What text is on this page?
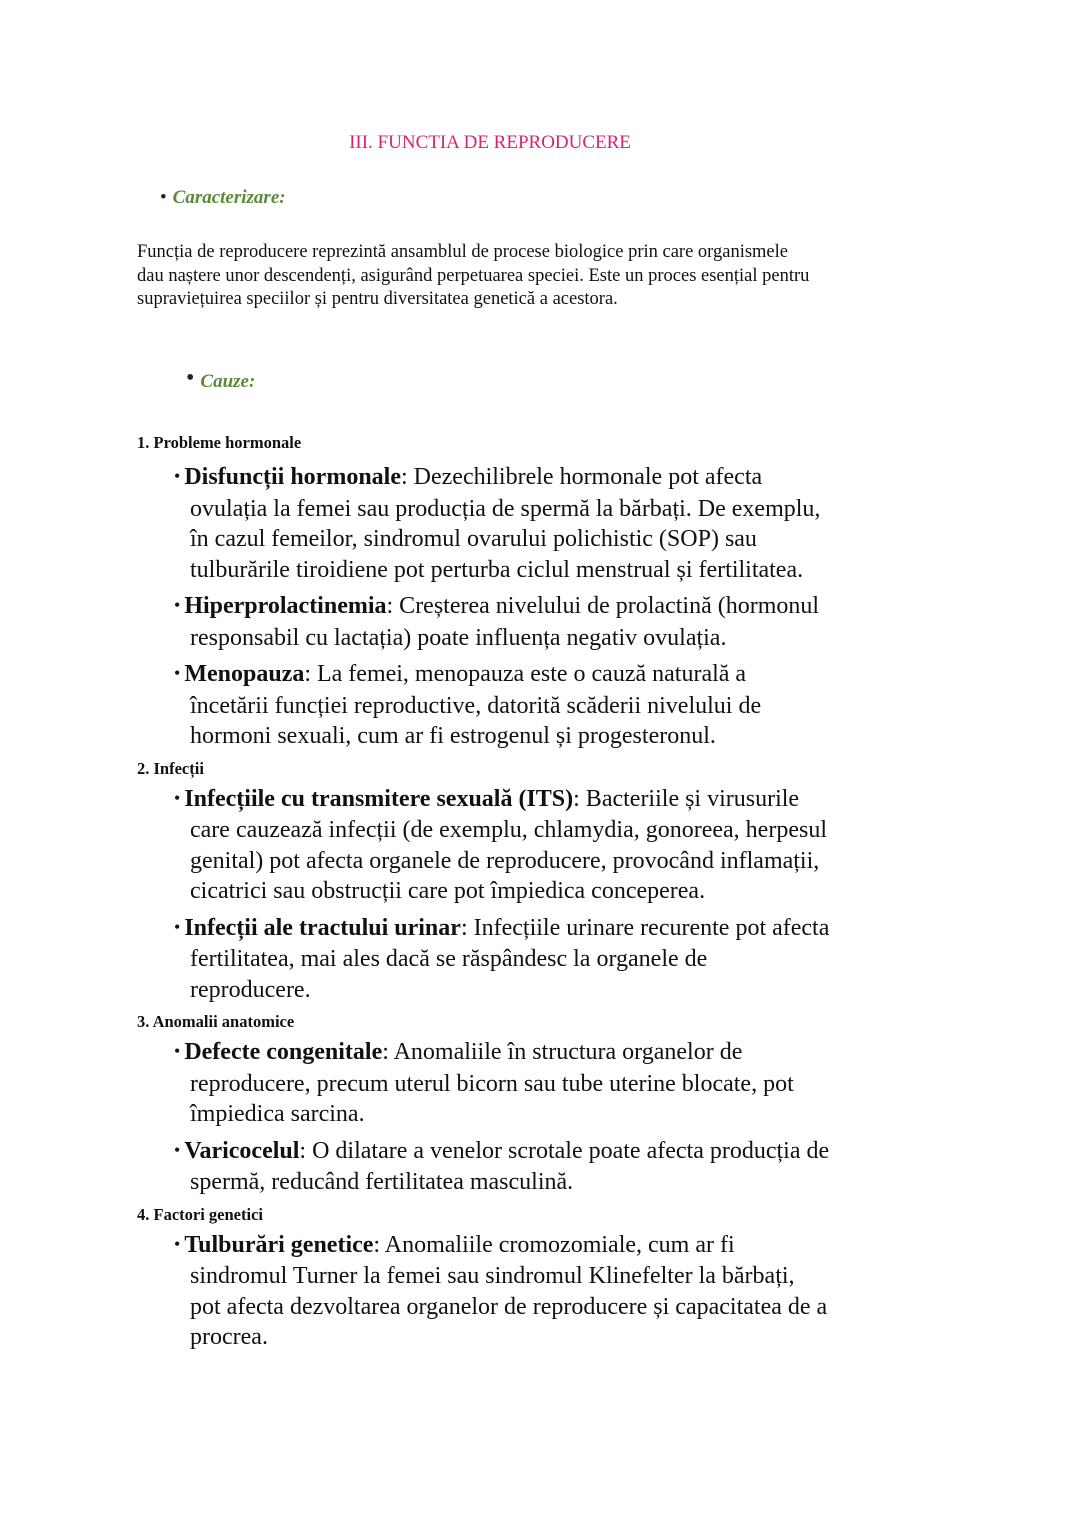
III. FUNCTIA DE REPRODUCERE
• Caracterizare:
Funcția de reproducere reprezintă ansamblul de procese biologice prin care organismele dau naștere unor descendenți, asigurând perpetuarea speciei. Este un proces esențial pentru supraviețuirea speciilor și pentru diversitatea genetică a acestora.
• Cauze:
1. Probleme hormonale
• Disfuncții hormonale: Dezechilibrele hormonale pot afecta ovulația la femei sau producția de spermă la bărbați. De exemplu, în cazul femeilor, sindromul ovarului polichistic (SOP) sau tulburările tiroidiene pot perturba ciclul menstrual și fertilitatea.
• Hiperprolactinemia: Creșterea nivelului de prolactină (hormonul responsabil cu lactația) poate influența negativ ovulația.
• Menopauza: La femei, menopauza este o cauză naturală a încetării funcției reproductive, datorită scăderii nivelului de hormoni sexuali, cum ar fi estrogenul și progesteronul.
2. Infecții
• Infecțiile cu transmitere sexuală (ITS): Bacteriile și virusurile care cauzează infecții (de exemplu, chlamydia, gonoreea, herpesul genital) pot afecta organele de reproducere, provocând inflamații, cicatrici sau obstrucții care pot împiedica conceperea.
• Infecții ale tractului urinar: Infecțiile urinare recurente pot afecta fertilitatea, mai ales dacă se răspândesc la organele de reproducere.
3. Anomalii anatomice
• Defecte congenitale: Anomaliile în structura organelor de reproducere, precum uterul bicorn sau tube uterine blocate, pot împiedica sarcina.
• Varicocelul: O dilatare a venelor scrotale poate afecta producția de spermă, reducând fertilitatea masculină.
4. Factori genetici
• Tulburări genetice: Anomaliile cromozomiale, cum ar fi sindromul Turner la femei sau sindromul Klinefelter la bărbați, pot afecta dezvoltarea organelor de reproducere și capacitatea de a procrea.
